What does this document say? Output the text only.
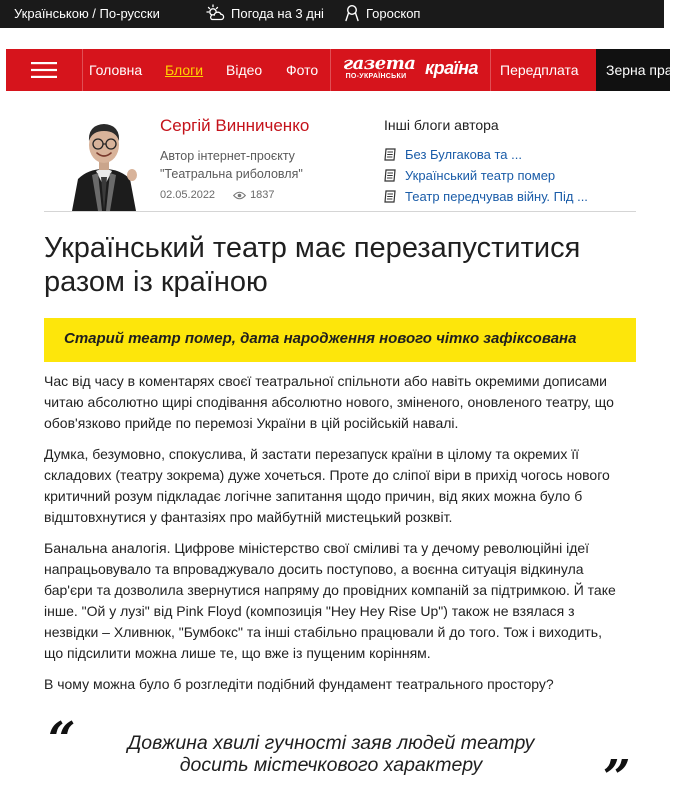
Українською / По-русски	Погода на 3 дні	Гороскоп
Головна Блоги Відео Фото газета
ПО-УКРАЇНСЬКИ країна Передплата	Зерна пра
Сергій Винниченко
Автор інтернет-проєкту "Театральна риболовля"
02.05.2022	1837
Інші блоги автора
Без Булгакова та ...
Український театр помер
Театр передчував війну. Під ...
Український театр має перезапуститися разом із країною
Старий театр помер, дата народження нового чітко зафіксована

Час від часу в коментарях своєї театральної спільноти або навіть окремими дописами читаю абсолютно щирі сподівання абсолютно нового, зміненого, оновленого театру, що обов'язково прийде по перемозі України в цій російській навалі.

Думка, безумовно, спокуслива, й застати перезапуск країни в цілому та окремих її складових (театру зокрема) дуже хочеться. Проте до сліпої віри в прихід чогось нового критичний розум підкладає логічне запитання щодо причин, від яких можна було б відштовхнутися у фантазіях про майбутній мистецький розквіт.

Банальна аналогія. Цифрове міністерство свої сміливі та у дечому революційні ідеї напрацьовувало та впроваджувало досить поступово, а воєнна ситуація відкинула бар'єри та дозволила звернутися напряму до провідних компаній за підтримкою. Й таке інше. "Ой у лузі" від Pink Floyd (композиція "Hey Hey Rise Up") також не взялася з незвідки – Хливнюк, "Бумбокс" та інші стабільно працювали й до того. Тож і виходить, що підсилити можна лише те, що вже із пущеним корінням.

В чому можна було б розгледіти подібний фундамент театрального простору?

“	Довжина хвилі гучності заяв людей театру досить містечкового характеру	”
